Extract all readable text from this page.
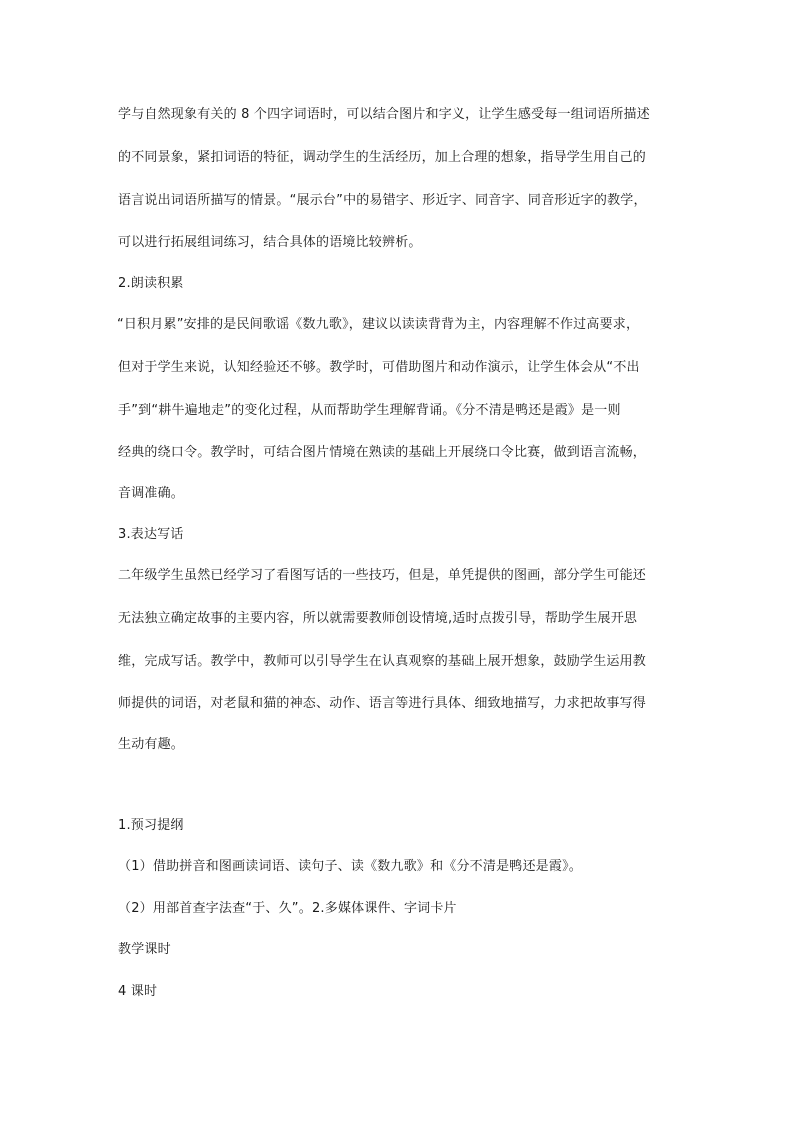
学与自然现象有关的 8 个四字词语时，可以结合图片和字义，让学生感受每一组词语所描述
的不同景象，紧扣词语的特征，调动学生的生活经历，加上合理的想象，指导学生用自己的
语言说出词语所描写的情景。“展示台”中的易错字、形近字、同音字、同音形近字的教学，
可以进行拓展组词练习，结合具体的语境比较辨析。
2.朗读积累
“日积月累”安排的是民间歌谣《数九歌》，建议以读读背背为主，内容理解不作过高要求，
但对于学生来说，认知经验还不够。教学时，可借助图片和动作演示，让学生体会从“不出
手”到“耕牛遍地走”的变化过程，从而帮助学生理解背诵。《分不清是鸭还是霞》是一则
经典的绕口令。教学时，可结合图片情境在熟读的基础上开展绕口令比赛，做到语言流畅，
音调准确。
3.表达写话
二年级学生虽然已经学习了看图写话的一些技巧，但是，单凭提供的图画，部分学生可能还
无法独立确定故事的主要内容，所以就需要教师创设情境,适时点拨引导，帮助学生展开思
维，完成写话。教学中，教师可以引导学生在认真观察的基础上展开想象，鼓励学生运用教
师提供的词语，对老鼠和猫的神态、动作、语言等进行具体、细致地描写，力求把故事写得
生动有趣。
1.预习提纲
（1）借助拼音和图画读词语、读句子、读《数九歌》和《分不清是鸭还是霞》。
（2）用部首查字法查“于、久”。2.多媒体课件、字词卡片
教学课时
4 课时
